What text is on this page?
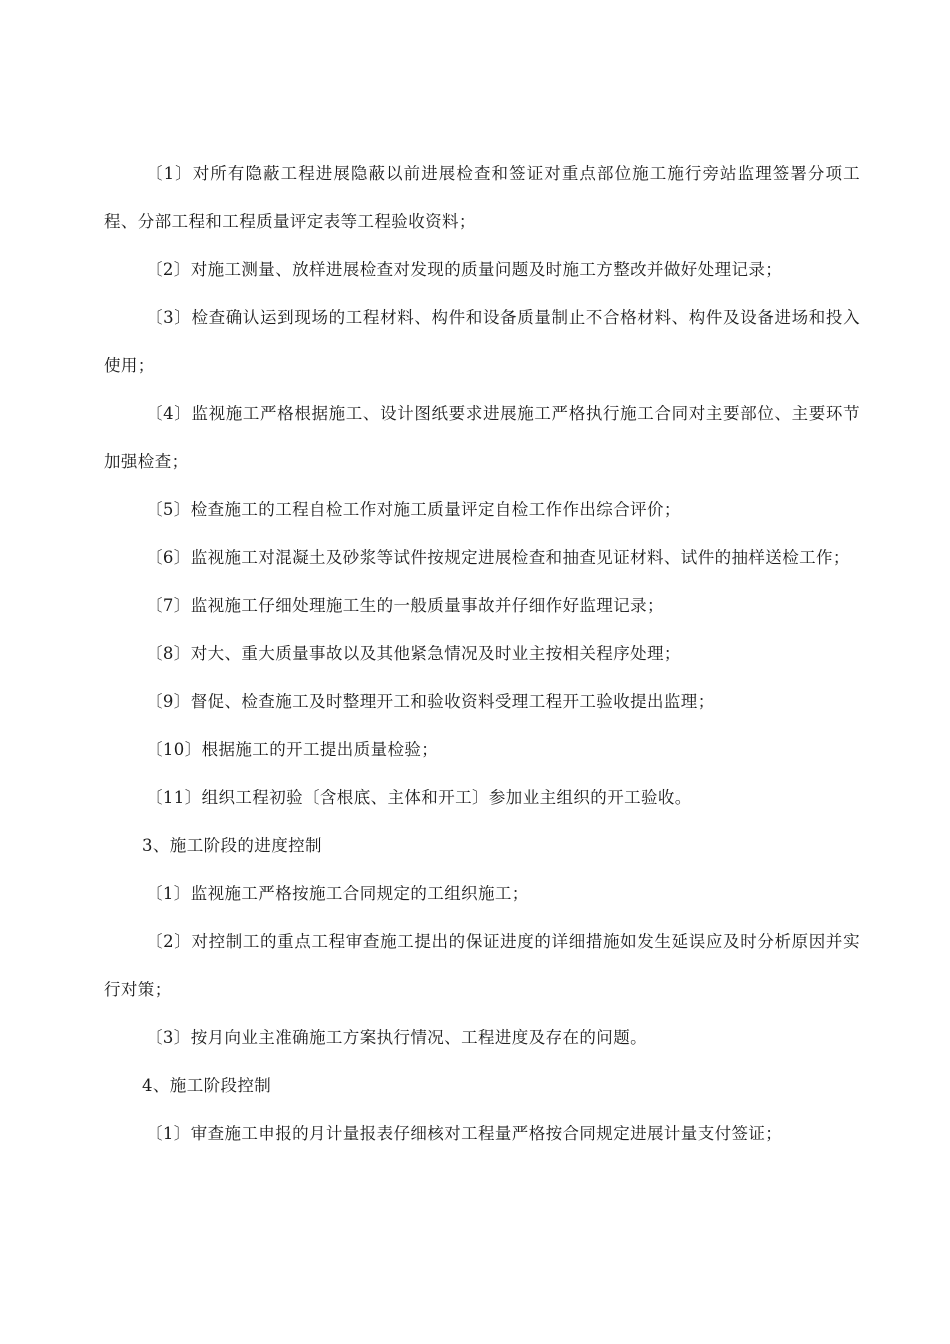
〔1〕对所有隐蔽工程进展隐蔽以前进展检查和签证对重点部位施工施行旁站监理签署分项工程、分部工程和工程质量评定表等工程验收资料；

〔2〕对施工测量、放样进展检查对发现的质量问题及时施工方整改并做好处理记录；

〔3〕检查确认运到现场的工程材料、构件和设备质量制止不合格材料、构件及设备进场和投入使用；

〔4〕监视施工严格根据施工、设计图纸要求进展施工严格执行施工合同对主要部位、主要环节加强检查；

〔5〕检查施工的工程自检工作对施工质量评定自检工作作出综合评价；

〔6〕监视施工对混凝土及砂浆等试件按规定进展检查和抽查见证材料、试件的抽样送检工作；

〔7〕监视施工仔细处理施工生的一般质量事故并仔细作好监理记录；

〔8〕对大、重大质量事故以及其他紧急情况及时业主按相关程序处理；

〔9〕督促、检查施工及时整理开工和验收资料受理工程开工验收提出监理；

〔10〕根据施工的开工提出质量检验；

〔11〕组织工程初验〔含根底、主体和开工〕参加业主组织的开工验收。

3、施工阶段的进度控制

〔1〕监视施工严格按施工合同规定的工组织施工；

〔2〕对控制工的重点工程审查施工提出的保证进度的详细措施如发生延误应及时分析原因并实行对策；

〔3〕按月向业主准确施工方案执行情况、工程进度及存在的问题。

4、施工阶段控制

〔1〕审查施工申报的月计量报表仔细核对工程量严格按合同规定进展计量支付签证；
